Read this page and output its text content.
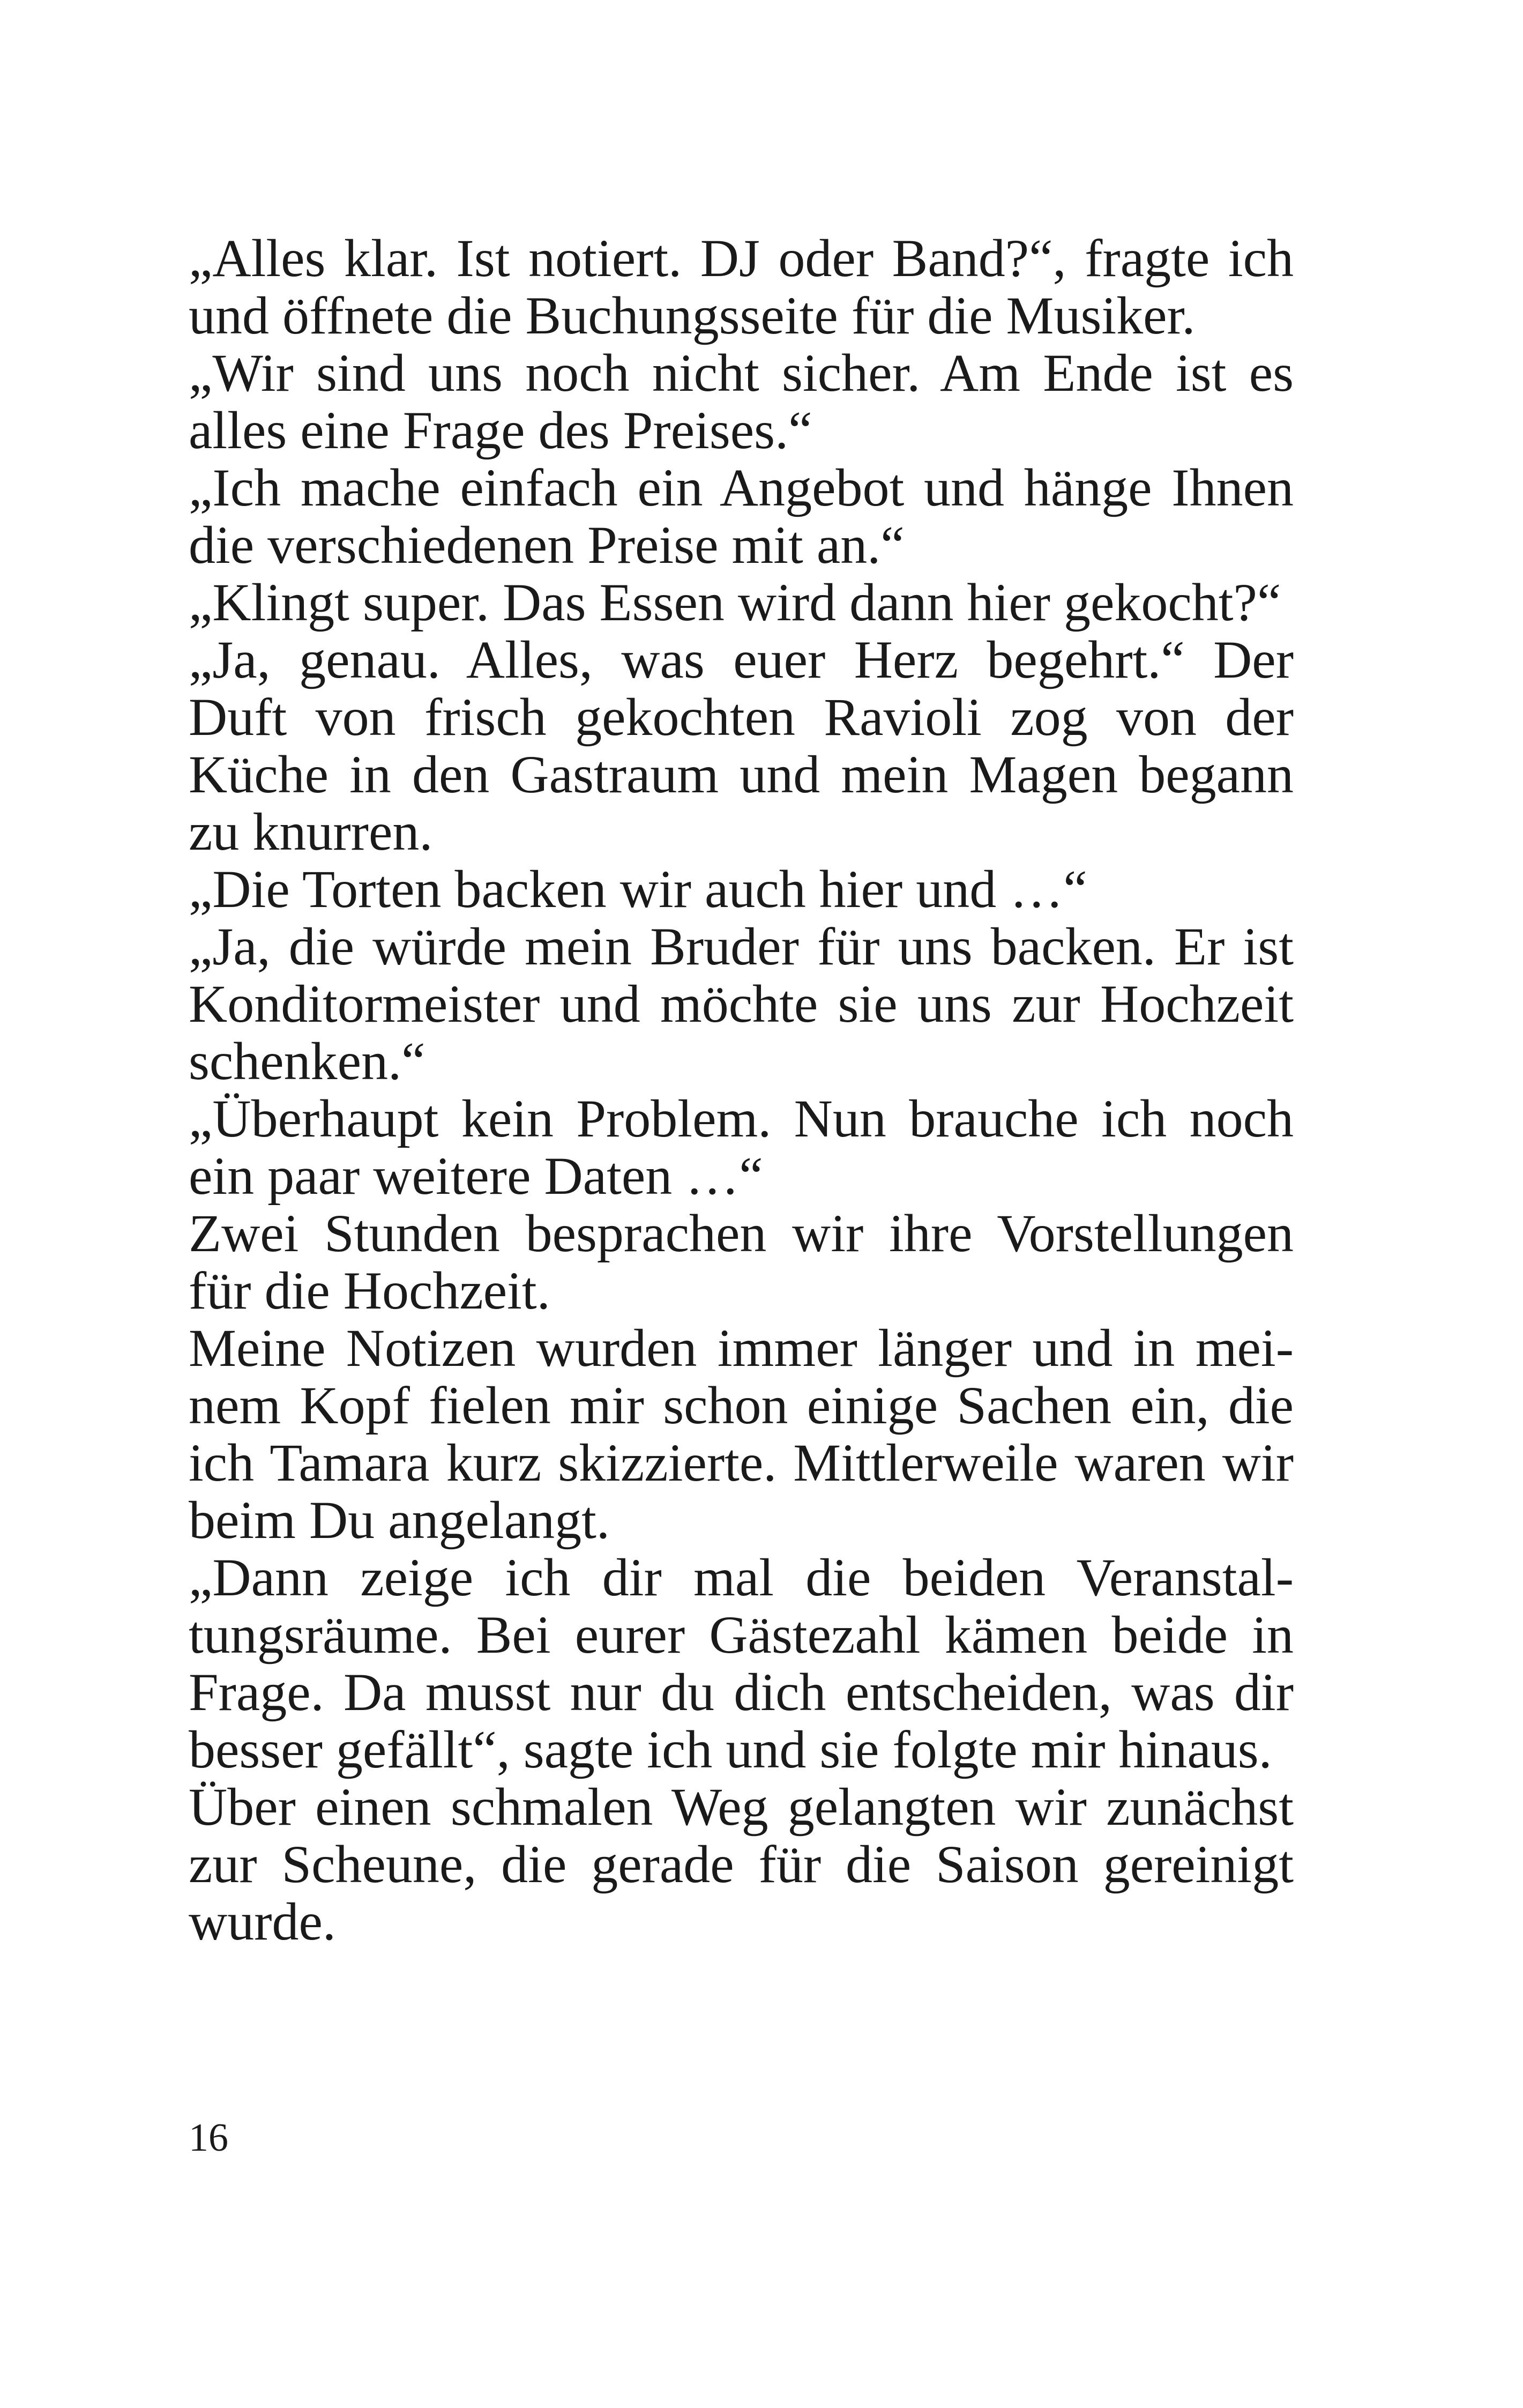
„Alles klar. Ist notiert. DJ oder Band?“, fragte ich und öffnete die Buchungsseite für die Musiker.

„Wir sind uns noch nicht sicher. Am Ende ist es alles eine Frage des Preises.“

„Ich mache einfach ein Angebot und hänge Ihnen die verschiedenen Preise mit an.“

„Klingt super. Das Essen wird dann hier gekocht?“

„Ja, genau. Alles, was euer Herz begehrt.“ Der Duft von frisch gekochten Ravioli zog von der Küche in den Gastraum und mein Magen begann zu knurren.

„Die Torten backen wir auch hier und …“

„Ja, die würde mein Bruder für uns backen. Er ist Konditormeister und möchte sie uns zur Hochzeit schenken.“

„Überhaupt kein Problem. Nun brauche ich noch ein paar weitere Daten …“

Zwei Stunden besprachen wir ihre Vorstellungen für die Hochzeit.

Meine Notizen wurden immer länger und in meinem Kopf fielen mir schon einige Sachen ein, die ich Tamara kurz skizzierte. Mittlerweile waren wir beim Du angelangt.

„Dann zeige ich dir mal die beiden Veranstaltungsräume. Bei eurer Gästezahl kämen beide in Frage. Da musst nur du dich entscheiden, was dir besser gefällt“, sagte ich und sie folgte mir hinaus.

Über einen schmalen Weg gelangten wir zunächst zur Scheune, die gerade für die Saison gereinigt wurde.

16
